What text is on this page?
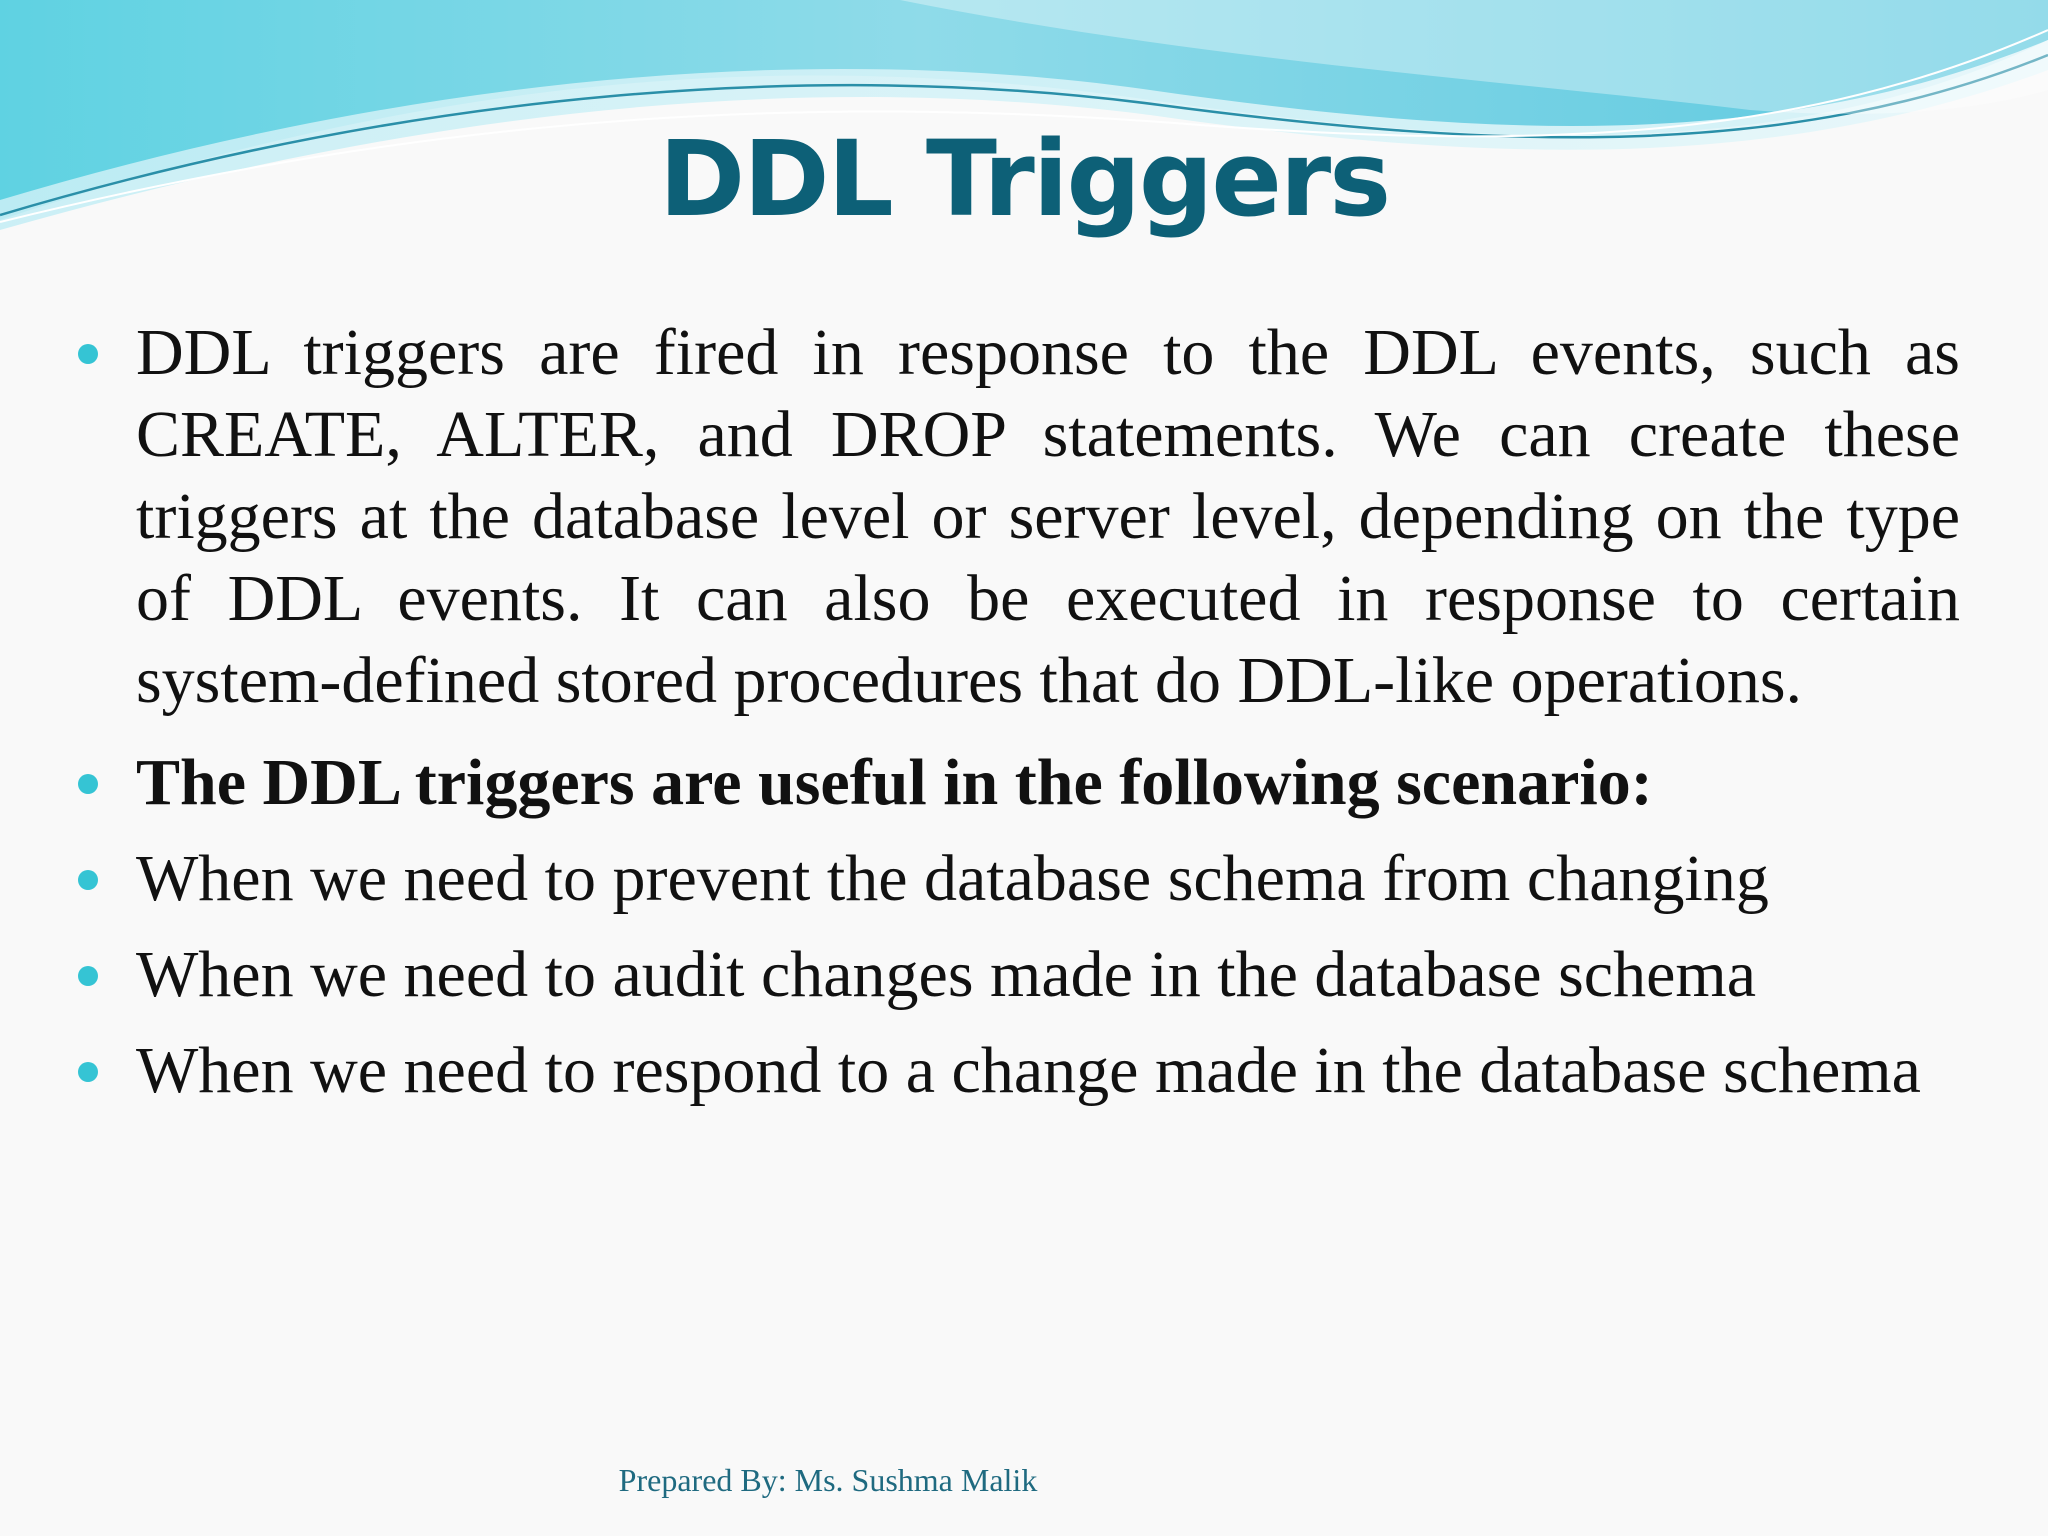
DDL Triggers
DDL triggers are fired in response to the DDL events, such as CREATE, ALTER, and DROP statements. We can create these triggers at the database level or server level, depending on the type of DDL events. It can also be executed in response to certain system-defined stored procedures that do DDL-like operations.
The DDL triggers are useful in the following scenario:
When we need to prevent the database schema from changing
When we need to audit changes made in the database schema
When we need to respond to a change made in the database schema
Prepared By: Ms. Sushma Malik
